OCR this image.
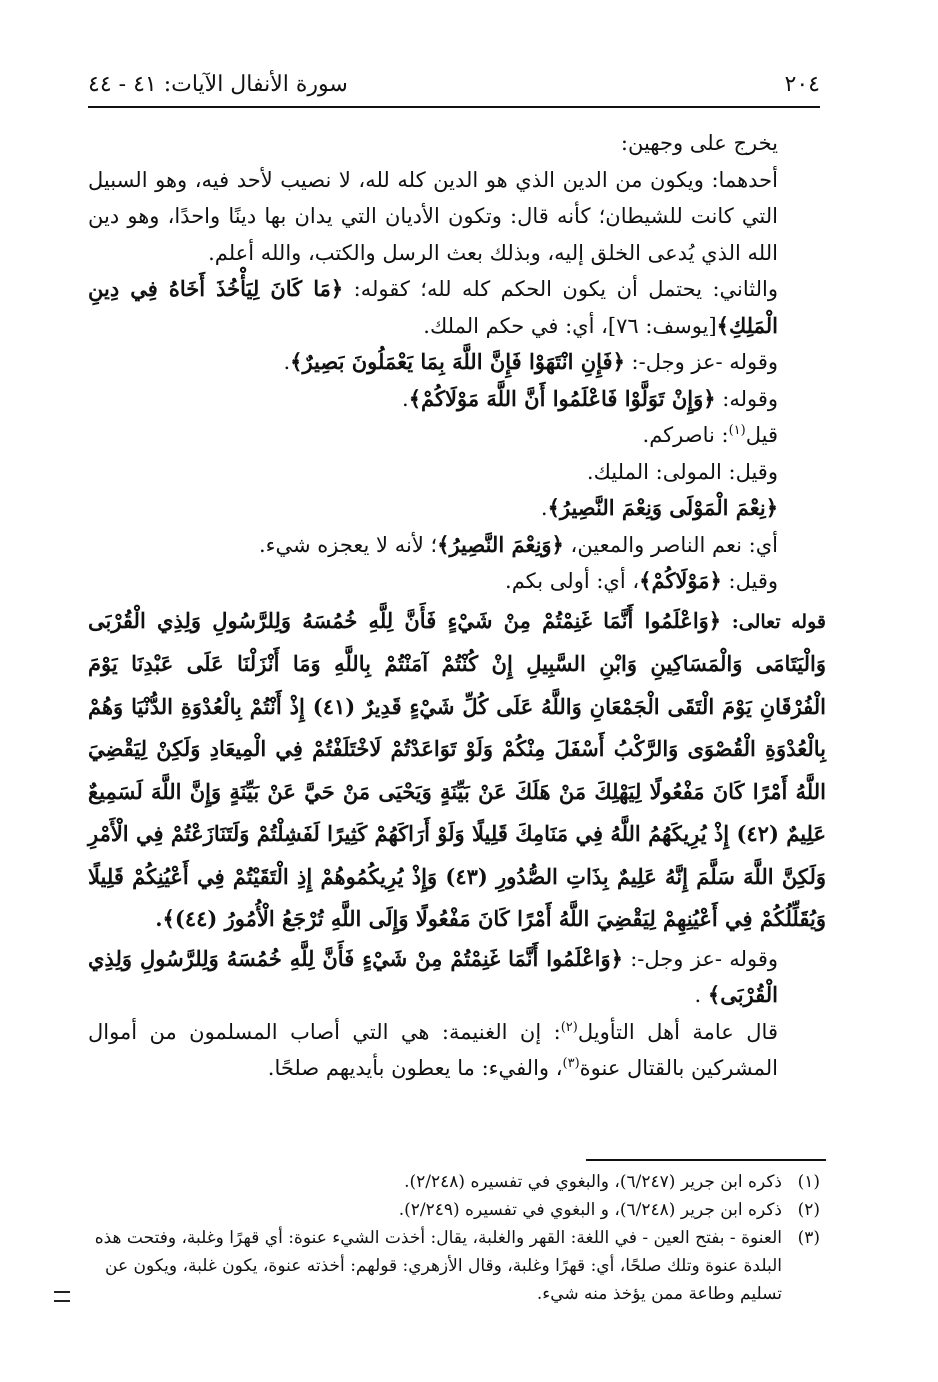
٢٠٤
سورة الأنفال الآيات: ٤١ - ٤٤

يخرج على وجهين:

أحدهما: ويكون من الدين الذي هو الدين كله لله، لا نصيب لأحد فيه، وهو السبيل التي كانت للشيطان؛ كأنه قال: وتكون الأديان التي يدان بها دينًا واحدًا، وهو دين الله الذي يُدعى الخلق إليه، وبذلك بعث الرسل والكتب، والله أعلم.

والثاني: يحتمل أن يكون الحكم كله لله؛ كقوله: ﴿مَا كَانَ لِيَأْخُذَ أَخَاهُ فِي دِينِ الْمَلِكِ﴾[يوسف: ٧٦]، أي: في حكم الملك.

وقوله -عز وجل-: ﴿فَإِنِ انْتَهَوْا فَإِنَّ اللَّهَ بِمَا يَعْمَلُونَ بَصِيرٌ﴾.

وقوله: ﴿وَإِنْ تَوَلَّوْا فَاعْلَمُوا أَنَّ اللَّهَ مَوْلَاكُمْ﴾.

قيل$^{(١)}$: ناصركم.

وقيل: المولى: المليك.

﴿نِعْمَ الْمَوْلَى وَنِعْمَ النَّصِيرُ﴾.

أي: نعم الناصر والمعين، ﴿وَنِعْمَ النَّصِيرُ﴾؛ لأنه لا يعجزه شيء.

وقيل: ﴿مَوْلَاكُمْ﴾، أي: أولى بكم.

قوله تعالى: ﴿وَاعْلَمُوا أَنَّمَا غَنِمْتُمْ مِنْ شَيْءٍ فَأَنَّ لِلَّهِ خُمُسَهُ وَلِلرَّسُولِ وَلِذِي الْقُرْبَى وَالْيَتَامَى وَالْمَسَاكِينِ وَابْنِ السَّبِيلِ إِنْ كُنْتُمْ آمَنْتُمْ بِاللَّهِ وَمَا أَنْزَلْنَا عَلَى عَبْدِنَا يَوْمَ الْفُرْقَانِ يَوْمَ الْتَقَى الْجَمْعَانِ وَاللَّهُ عَلَى كُلِّ شَيْءٍ قَدِيرٌ (٤١) إِذْ أَنْتُمْ بِالْعُدْوَةِ الدُّنْيَا وَهُمْ بِالْعُدْوَةِ الْقُصْوَى وَالرَّكْبُ أَسْفَلَ مِنْكُمْ وَلَوْ تَوَاعَدْتُمْ لَاخْتَلَفْتُمْ فِي الْمِيعَادِ وَلَكِنْ لِيَقْضِيَ اللَّهُ أَمْرًا كَانَ مَفْعُولًا لِيَهْلِكَ مَنْ هَلَكَ عَنْ بَيِّنَةٍ وَيَحْيَى مَنْ حَيَّ عَنْ بَيِّنَةٍ وَإِنَّ اللَّهَ لَسَمِيعٌ عَلِيمٌ (٤٢) إِذْ يُرِيكَهُمُ اللَّهُ فِي مَنَامِكَ قَلِيلًا وَلَوْ أَرَاكَهُمْ كَثِيرًا لَفَشِلْتُمْ وَلَتَنَازَعْتُمْ فِي الْأَمْرِ وَلَكِنَّ اللَّهَ سَلَّمَ إِنَّهُ عَلِيمٌ بِذَاتِ الصُّدُورِ (٤٣) وَإِذْ يُرِيكُمُوهُمْ إِذِ الْتَقَيْتُمْ فِي أَعْيُنِكُمْ قَلِيلًا وَيُقَلِّلُكُمْ فِي أَعْيُنِهِمْ لِيَقْضِيَ اللَّهُ أَمْرًا كَانَ مَفْعُولًا وَإِلَى اللَّهِ تُرْجَعُ الْأُمُورُ (٤٤)﴾.

وقوله -عز وجل-: ﴿وَاعْلَمُوا أَنَّمَا غَنِمْتُمْ مِنْ شَيْءٍ فَأَنَّ لِلَّهِ خُمُسَهُ وَلِلرَّسُولِ وَلِذِي الْقُرْبَى﴾ .

قال عامة أهل التأويل$^{(٢)}$: إن الغنيمة: هي التي أصاب المسلمون من أموال المشركين بالقتال عنوة$^{(٣)}$، والفيء: ما يعطون بأيديهم صلحًا.

(١)
ذكره ابن جرير (٦/٢٤٧)، والبغوي في تفسيره (٢/٢٤٨).
(٢)
ذكره ابن جرير (٦/٢٤٨)، و البغوي في تفسيره (٢/٢٤٩).
(٣)
العنوة - بفتح العين - في اللغة: القهر والغلبة، يقال: أخذت الشيء عنوة: أي قهرًا وغلبة، وفتحت هذه البلدة عنوة وتلك صلحًا، أي: قهرًا وغلبة، وقال الأزهري: قولهم: أخذته عنوة، يكون غلبة، ويكون عن تسليم وطاعة ممن يؤخذ منه شيء.
